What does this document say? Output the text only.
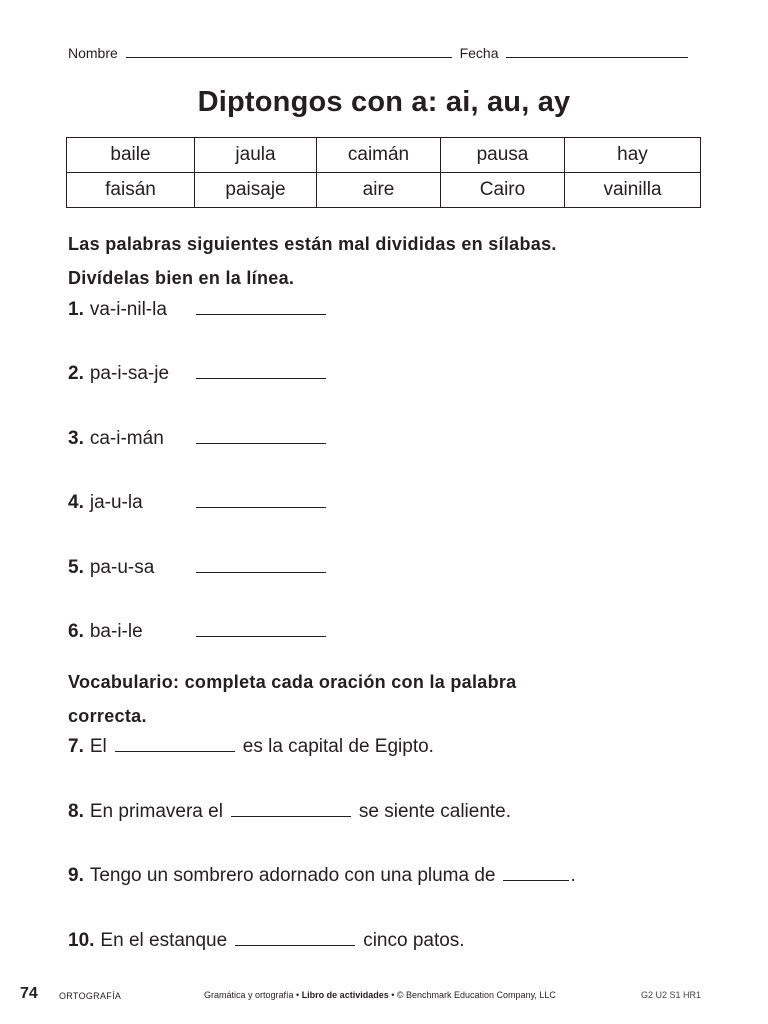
Nombre	Fecha
Diptongos con a: ai, au, ay
baile	jaula	caimán	pausa	hay
faisán	paisaje	aire	Cairo	vainilla
Las palabras siguientes están mal divididas en sílabas.
Divídelas bien en la línea.
1. va-i-nil-la
2. pa-i-sa-je
3. ca-i-mán
4. ja-u-la
5. pa-u-sa
6. ba-i-le
Vocabulario: completa cada oración con la palabra
correcta.
7. El	es la capital de Egipto.
8. En primavera el	se siente caliente.
9. Tengo un sombrero adornado con una pluma de	.
10. En el estanque	cinco patos.
74 ORTOGRAFÍA	Gramática y ortografía • Libro de actividades • © Benchmark Education Company, LLC	G2 U2 S1 HR1
